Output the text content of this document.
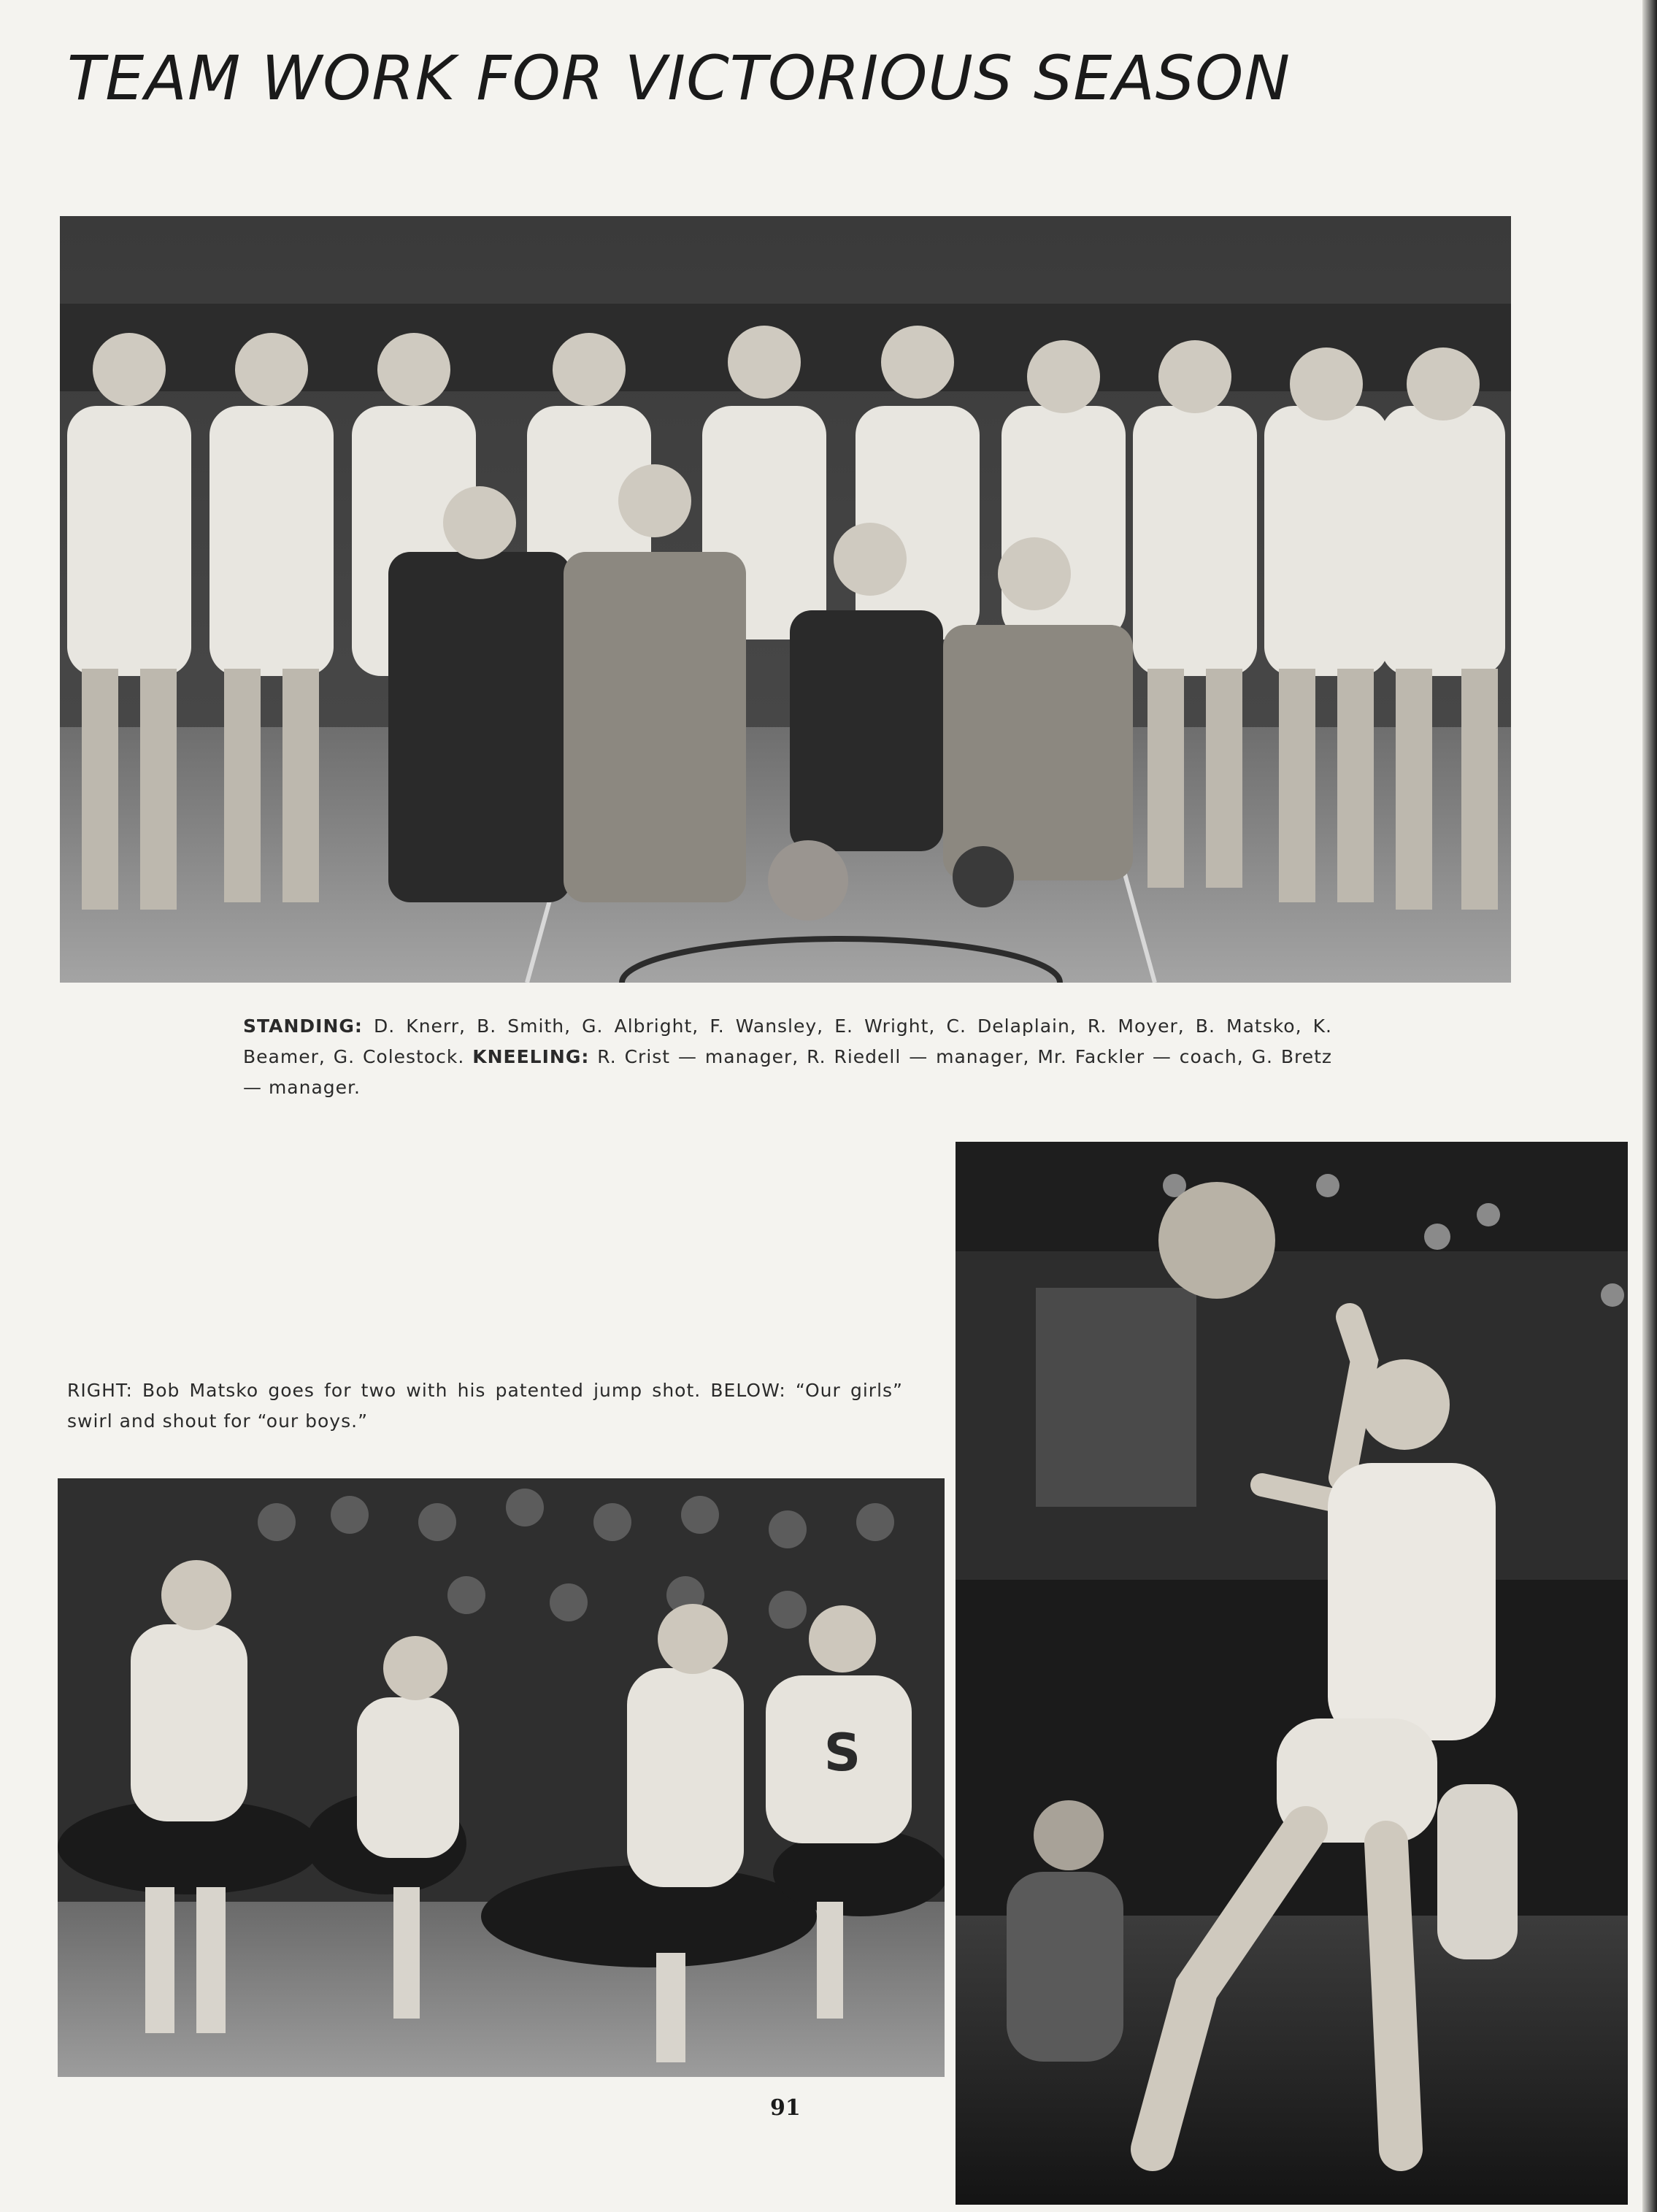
TEAM WORK FOR VICTORIOUS SEASON

STANDING: D. Knerr, B. Smith, G. Albright, F. Wansley, E. Wright, C. Delaplain, R. Moyer, B. Matsko, K. Beamer, G. Colestock. KNEELING: R. Crist — manager, R. Riedell — manager, Mr. Fackler — coach, G. Bretz — manager.

RIGHT: Bob Matsko goes for two with his patented jump shot. BELOW: “Our girls” swirl and shout for “our boys.”

S
91
